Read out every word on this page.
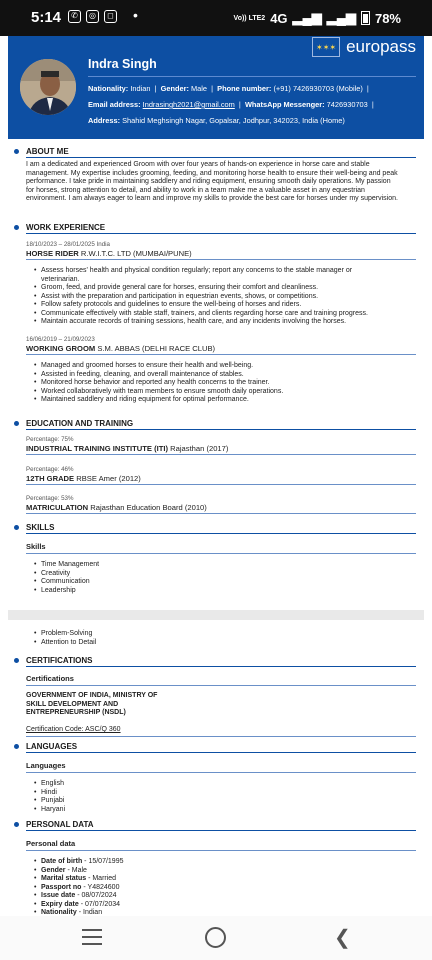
5:14	✆	◎	◻ •	Vo)) LTE2 4G ▂▄▆ ▂▄▆ 78%
✶✶✶ europass
Indra Singh
Nationality: Indian  |  Gender: Male  |  Phone number: (+91) 7426930703 (Mobile)  |
Email address: Indrasingh2021@gmail.com  |  WhatsApp Messenger: 7426930703  |
Address: Shahid Meghsingh Nagar, Gopalsar, Jodhpur, 342023, India (Home)
ABOUT ME
I am a dedicated and experienced Groom with over four years of hands-on experience in horse care and stable management. My expertise includes grooming, feeding, and monitoring horse health to ensure their well-being and peak performance. I take pride in maintaining saddlery and riding equipment, ensuring smooth daily operations. My passion for horses, strong attention to detail, and ability to work in a team make me a valuable asset in any equestrian environment. I am always eager to learn and improve my skills to provide the best care for horses under my supervision.
WORK EXPERIENCE
18/10/2023 – 28/01/2025 India
HORSE RIDER R.W.I.T.C. LTD (MUMBAI/PUNE)
• Assess horses' health and physical condition regularly; report any concerns to the stable manager or veterinarian.
• Groom, feed, and provide general care for horses, ensuring their comfort and cleanliness.
• Assist with the preparation and participation in equestrian events, shows, or competitions.
• Follow safety protocols and guidelines to ensure the well-being of horses and riders.
• Communicate effectively with stable staff, trainers, and clients regarding horse care and training progress.
• Maintain accurate records of training sessions, health care, and any incidents involving the horses.
16/06/2019 – 21/09/2023
WORKING GROOM S.M. ABBAS (DELHI RACE CLUB)
• Managed and groomed horses to ensure their health and well-being.
• Assisted in feeding, cleaning, and overall maintenance of stables.
• Monitored horse behavior and reported any health concerns to the trainer.
• Worked collaboratively with team members to ensure smooth daily operations.
• Maintained saddlery and riding equipment for optimal performance.
EDUCATION AND TRAINING
Percentage: 75%
INDUSTRIAL TRAINING INSTITUTE (ITI) Rajasthan (2017)
Percentage: 46%
12TH GRADE RBSE Amer (2012)
Percentage: 53%
MATRICULATION Rajasthan Education Board (2010)
SKILLS
Skills
• Time Management
• Creativity
• Communication
• Leadership
• Problem-Solving
• Attention to Detail
CERTIFICATIONS
Certifications
GOVERNMENT OF INDIA, MINISTRY OF
SKILL DEVELOPMENT AND
ENTREPRENEURSHIP (NSDL)
Certification Code: ASC/Q 360
LANGUAGES
Languages
• English
• Hindi
• Punjabi
• Haryani
PERSONAL DATA
Personal data
• Date of birth - 15/07/1995
• Gender - Male
• Marital status - Married
• Passport no - Y4824600
• Issue date - 08/07/2024
• Expiry date - 07/07/2034
• Nationality - Indian
❮
